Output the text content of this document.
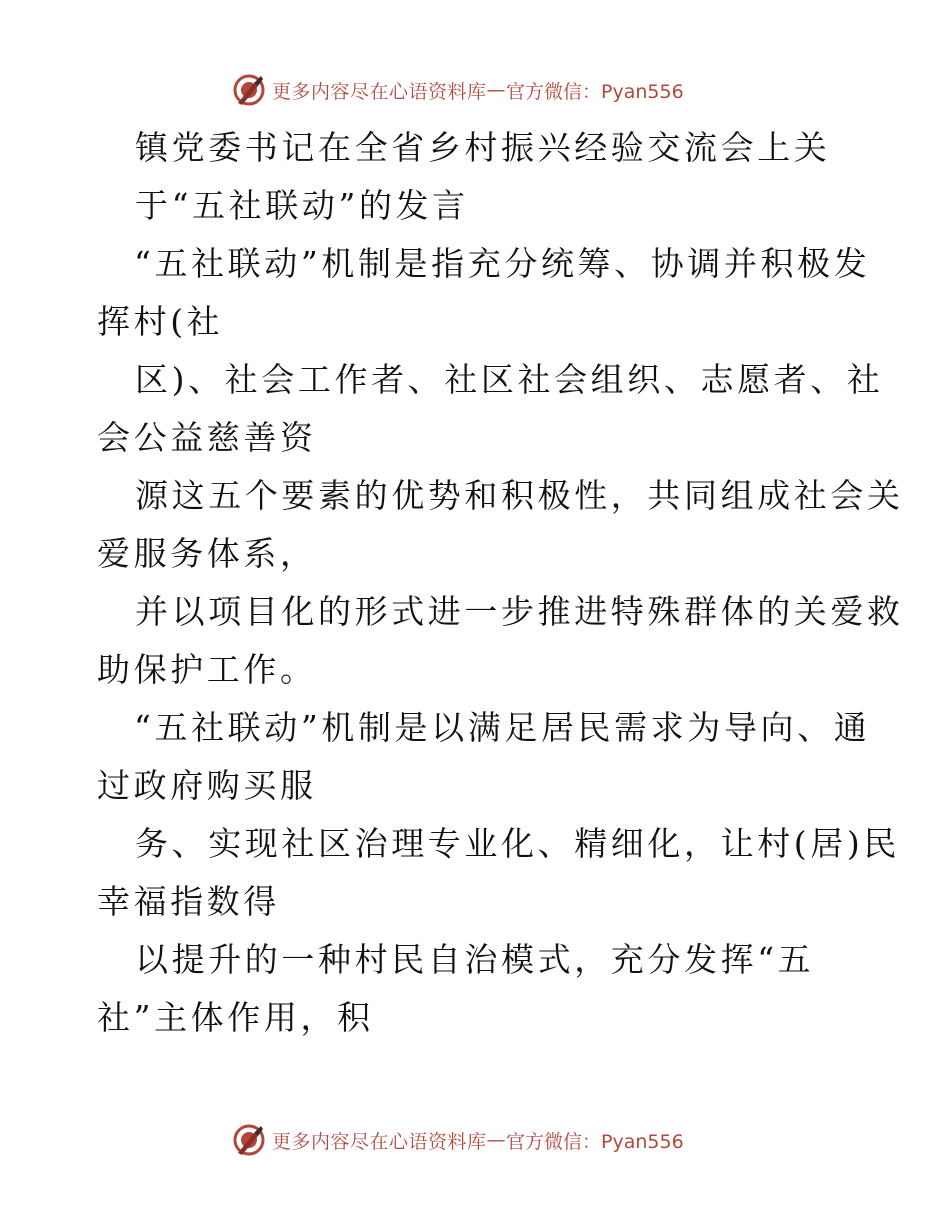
更多内容尽在心语资料库 — 官方微信：Pyan556
镇党委书记在全省乡村振兴经验交流会上关
于“五社联动”的发言
“五社联动”机制是指充分统筹、协调并积极发
挥村(社
区)、社会工作者、社区社会组织、志愿者、社
会公益慈善资
源这五个要素的优势和积极性，共同组成社会关
爱服务体系，
并以项目化的形式进一步推进特殊群体的关爱救
助保护工作。
“五社联动”机制是以满足居民需求为导向、通
过政府购买服
务、实现社区治理专业化、精细化，让村(居)民
幸福指数得
以提升的一种村民自治模式，充分发挥“五
社”主体作用，积
更多内容尽在心语资料库 — 官方微信：Pyan556
